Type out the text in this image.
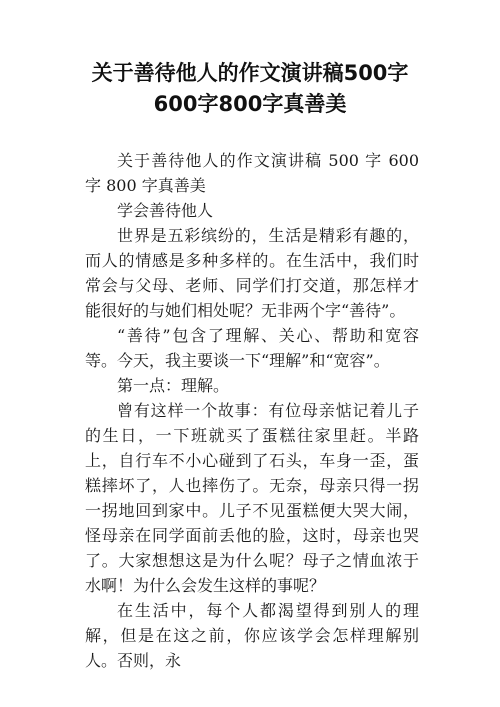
关于善待他人的作文演讲稿500字
600字800字真善美

关于善待他人的作文演讲稿 500 字 600 字 800 字真善美

学会善待他人

世界是五彩缤纷的，生活是精彩有趣的，而人的情感是多种多样的。在生活中，我们时常会与父母、老师、同学们打交道，那怎样才能很好的与她们相处呢？无非两个字“善待”。

“善待”包含了理解、关心、帮助和宽容等。今天，我主要谈一下“理解”和“宽容”。

第一点：理解。

曾有这样一个故事：有位母亲惦记着儿子的生日，一下班就买了蛋糕往家里赶。半路上，自行车不小心碰到了石头，车身一歪，蛋糕摔坏了，人也摔伤了。无奈，母亲只得一拐一拐地回到家中。儿子不见蛋糕便大哭大闹，怪母亲在同学面前丢他的脸，这时，母亲也哭了。大家想想这是为什么呢？母子之情血浓于水啊！为什么会发生这样的事呢？

在生活中，每个人都渴望得到别人的理解，但是在这之前，你应该学会怎样理解别人。否则，永
